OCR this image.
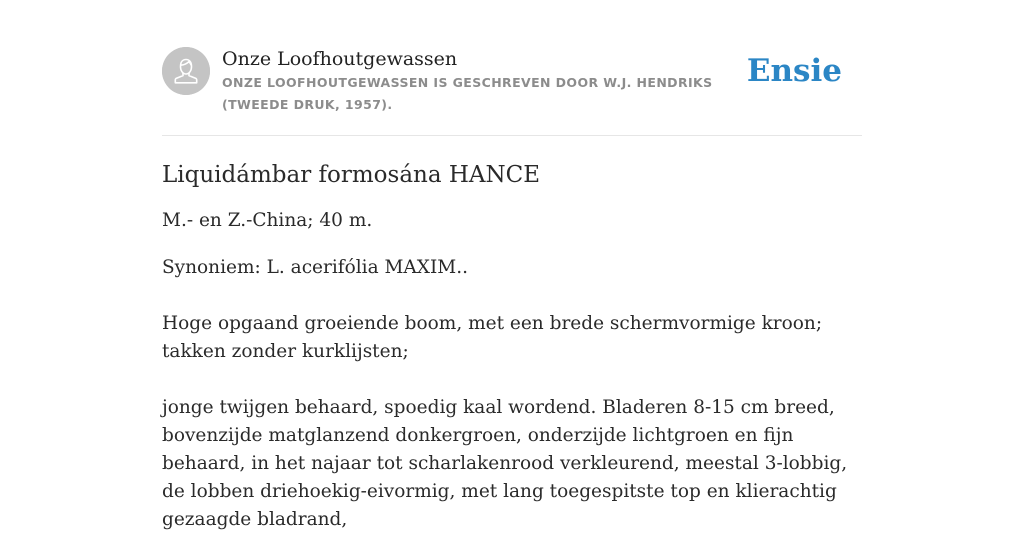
Onze Loofhoutgewassen
ONZE LOOFHOUTGEWASSEN IS GESCHREVEN DOOR W.J. HENDRIKS (TWEEDE DRUK, 1957).
Ensie
Liquidámbar formosána HANCE

M.- en Z.-China; 40 m.

Synoniem: L. acerifólia MAXIM..

Hoge opgaand groeiende boom, met een brede schermvormige kroon; takken zonder kurklijsten;

jonge twijgen behaard, spoedig kaal wordend. Bladeren 8-15 cm breed, bovenzijde matglanzend donkergroen, onderzijde lichtgroen en fijn behaard, in het najaar tot scharlakenrood verkleurend, meestal 3-lobbig, de lobben driehoekig-eivormig, met lang toegespitste top en klierachtig gezaagde bladrand,
